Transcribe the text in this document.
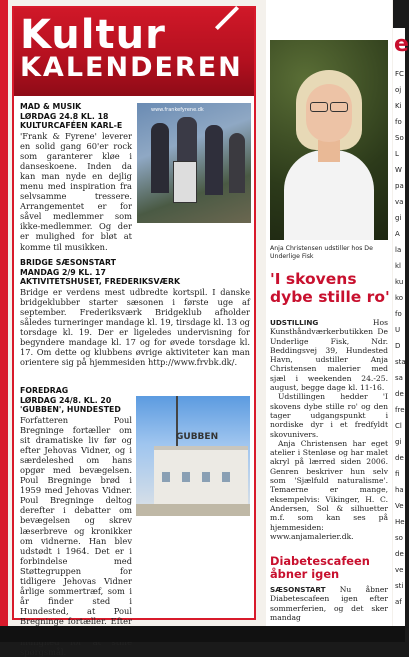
Kultur
KALENDEREN
www.frankefyrene.dk
MAD & MUSIK
LØRDAG 24.8 KL. 18
KULTURCAFÉEN KARL-E

'Frank & Fyrene' leverer en solid gang 60'er rock som garanterer kløe i danseskoene. Inden da kan man nyde en dejlig menu med inspiration fra selvsamme tressere. Arrangementet er for såvel medlemmer som ikke-medlemmer. Og der er mulighed for bløt at komme til musikken.

BRIDGE SÆSONSTART
MANDAG 2/9 KL. 17
AKTIVITETSHUSET, FREDERIKSVÆRK

Bridge er verdens mest udbredte kortspil. I danske bridgeklubber starter sæsonen i første uge af september. Frederiksværk Bridgeklub afholder således turneringer mandage kl. 19, tirsdage kl. 13 og torsdage kl. 19. Der er ligeledes undervisning for begyndere mandage kl. 17 og for øvede torsdage kl. 17. Om dette og klubbens øvrige aktiviteter kan man orientere sig på hjemmesiden http://www.frvbk.dk/.

GUBBEN
FOREDRAG
LØRDAG 24/8. KL. 20
'GUBBEN', HUNDESTED

Forfatteren Poul Bregninge fortæller om sit dramatiske liv før og efter Jehovas Vidner, og i særdeleshed om hans opgør med bevægelsen. Poul Bregninge brød i 1959 med Jehovas Vidner. Poul Bregninge deltog derefter i debatter om bevægelsen og skrev læserbreve og kronikker om vidnerne. Han blev udstødt i 1964. Det er i forbindelse med Støttegruppen for tidligere Jehovas Vidner årlige sommertræf, som i år finder sted i Hundested, at Poul Bregninge fortæller. Efter spørgsmål.

Anja Christensen udstiller hos De Underlige Fisk
'I skovens dybe stille ro'

UDSTILLING	Hos Kunsthåndværkerbutikken De Underlige Fisk, Ndr. Beddingsvej 39, Hundested Havn, udstiller Anja Christensen malerier med sjæl i weekenden 24.-25. august, begge dage kl. 11-16.

Udstillingen hedder 'I skovens dybe stille ro' og den tager udgangspunkt i nordiske dyr i et fredfyldt skovunivers.

Anja Christensen har eget atelier i Stenløse og har malet akryl på lærred siden 2006. Genren beskriver hun selv som 'Sjælfuld naturalisme'. Temaerne er mange, eksempelvis: Vikinger, H. C. Andersen, Sol & silhuetter m.f. som kan ses på hjemmesiden: www.anjamalerier.dk.

Diabetescafeen åbner igen
SÆSONSTART Nu åbner Diabetescafeen igen efter sommerferien, og det sker mandag
e
FC
oj
Ki
fo
So
L
W
pa
va
gi
A
la
kl
ku
ko
fo
U
D
sta
sa
de
fre
Cl
gi
de
fi
ha
Ve
He
so
de
ve
sti
af
